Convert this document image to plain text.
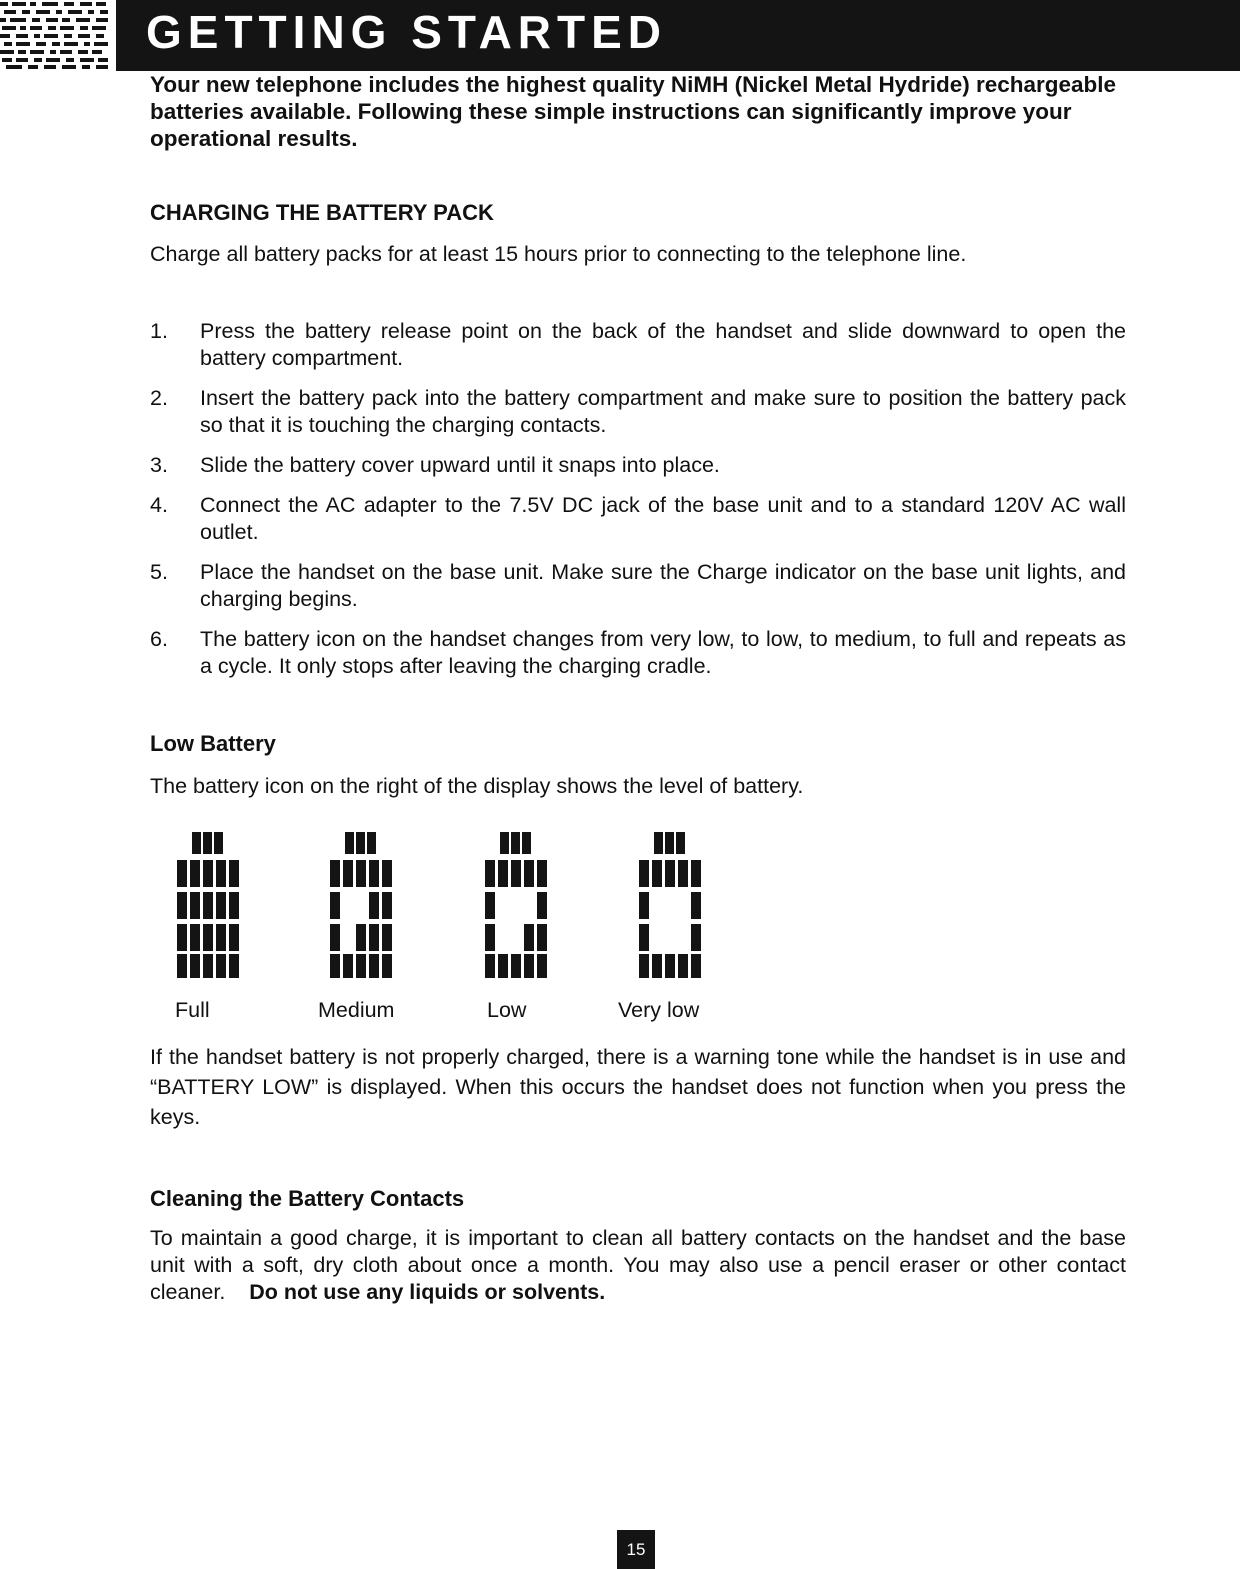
GETTING STARTED
Your new telephone includes the highest quality NiMH (Nickel Metal Hydride) rechargeable batteries available. Following these simple instructions can significantly improve your operational results.
CHARGING THE BATTERY PACK
Charge all battery packs for at least 15 hours prior to connecting to the telephone line.
1. Press the battery release point on the back of the handset and slide downward to open the battery compartment.
2. Insert the battery pack into the battery compartment and make sure to position the battery pack so that it is touching the charging contacts.
3. Slide the battery cover upward until it snaps into place.
4. Connect the AC adapter to the 7.5V DC jack of the base unit and to a standard 120V AC wall outlet.
5. Place the handset on the base unit. Make sure the Charge indicator on the base unit lights, and charging begins.
6. The battery icon on the handset changes from very low, to low, to medium, to full and repeats as a cycle. It only stops after leaving the charging cradle.
Low Battery
The battery icon on the right of the display shows the level of battery.
Full	Medium	Low	Very low
If the handset battery is not properly charged, there is a warning tone while the handset is in use and “BATTERY LOW” is displayed. When this occurs the handset does not function when you press the keys.
Cleaning the Battery Contacts
To maintain a good charge, it is important to clean all battery contacts on the handset and the base unit with a soft, dry cloth about once a month. You may also use a pencil eraser or other contact cleaner. Do not use any liquids or solvents.
15
